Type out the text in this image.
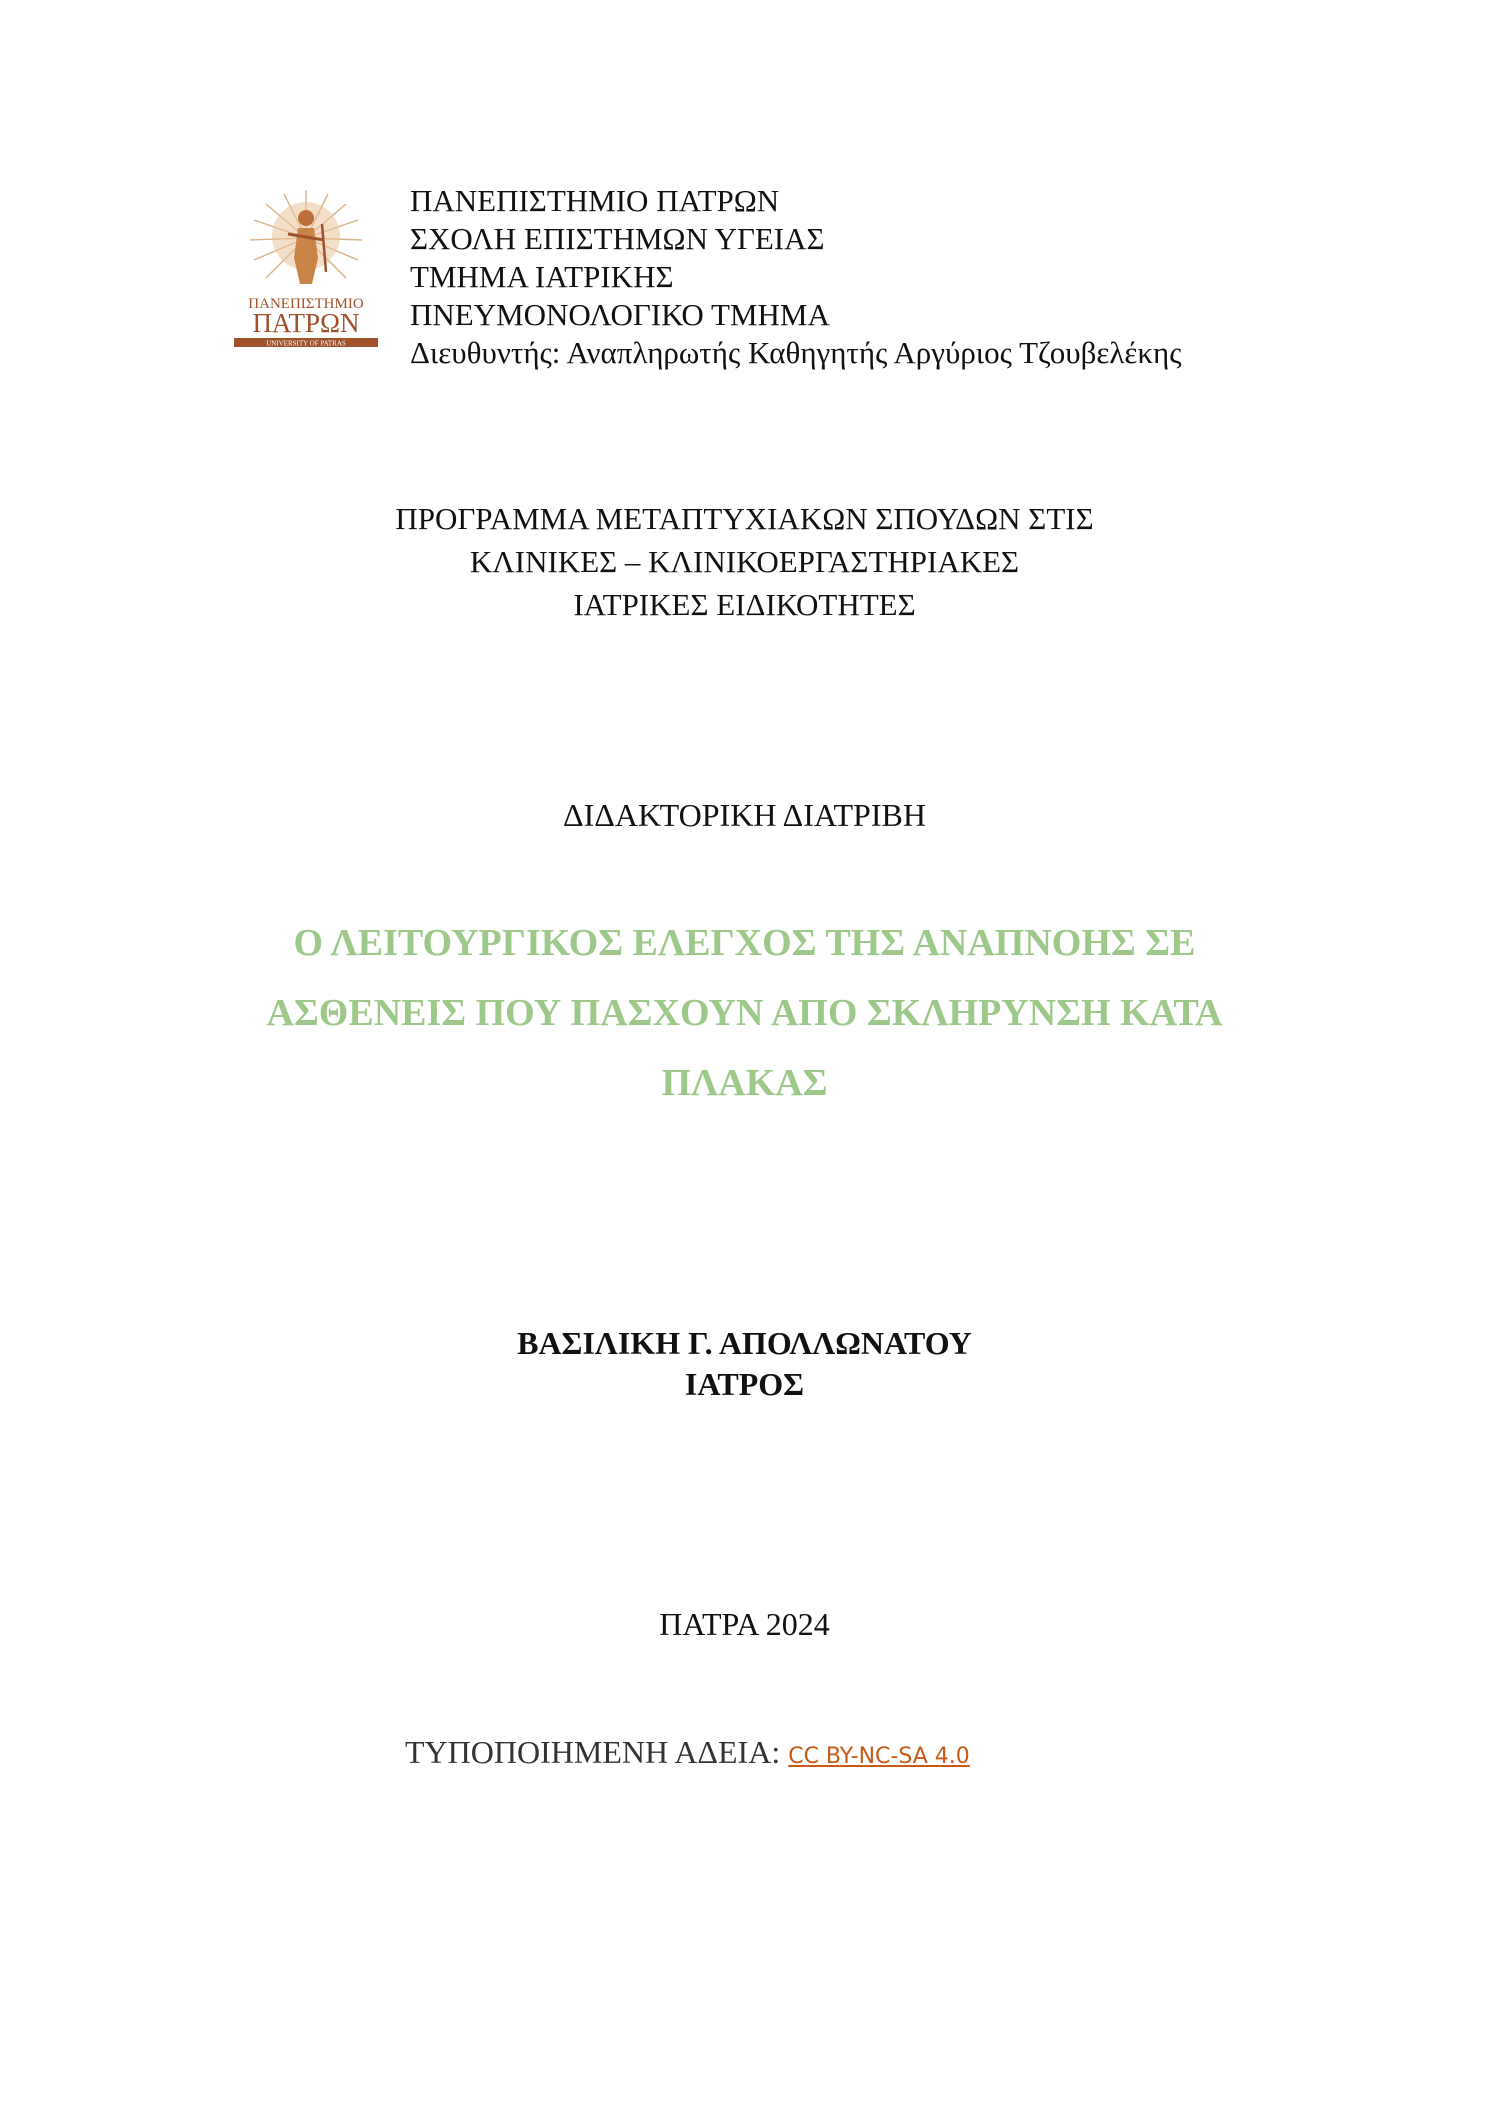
ΠΑΝΕΠΙΣΤΗΜΙΟ
ΠΑΤΡΩΝ
UNIVERSITY OF PATRAS
ΠΑΝΕΠΙΣΤΗΜΙΟ ΠΑΤΡΩΝ
ΣΧΟΛΗ ΕΠΙΣΤΗΜΩΝ ΥΓΕΙΑΣ
ΤΜΗΜΑ ΙΑΤΡΙΚΗΣ
ΠΝΕΥΜΟΝΟΛΟΓΙΚΟ ΤΜΗΜΑ
Διευθυντής: Αναπληρωτής Καθηγητής Αργύριος Τζουβελέκης
ΠΡΟΓΡΑΜΜΑ ΜΕΤΑΠΤΥΧΙΑΚΩΝ ΣΠΟΥΔΩΝ ΣΤΙΣ
ΚΛΙΝΙΚΕΣ – ΚΛΙΝΙΚΟΕΡΓΑΣΤΗΡΙΑΚΕΣ
ΙΑΤΡΙΚΕΣ ΕΙΔΙΚΟΤΗΤΕΣ
ΔΙΔΑΚΤΟΡΙΚΗ ΔΙΑΤΡΙΒΗ
Ο ΛΕΙΤΟΥΡΓΙΚΟΣ ΕΛΕΓΧΟΣ ΤΗΣ ΑΝΑΠΝΟΗΣ ΣΕ
ΑΣΘΕΝΕΙΣ ΠΟΥ ΠΑΣΧΟΥΝ ΑΠΟ ΣΚΛΗΡΥΝΣΗ ΚΑΤΑ
ΠΛΑΚΑΣ
ΒΑΣΙΛΙΚΗ Γ. ΑΠΟΛΛΩΝΑΤΟΥ
ΙΑΤΡΟΣ
ΠΑΤΡΑ 2024
ΤΥΠΟΠΟΙΗΜΕΝΗ ΑΔΕΙΑ: CC BY-NC-SA 4.0
